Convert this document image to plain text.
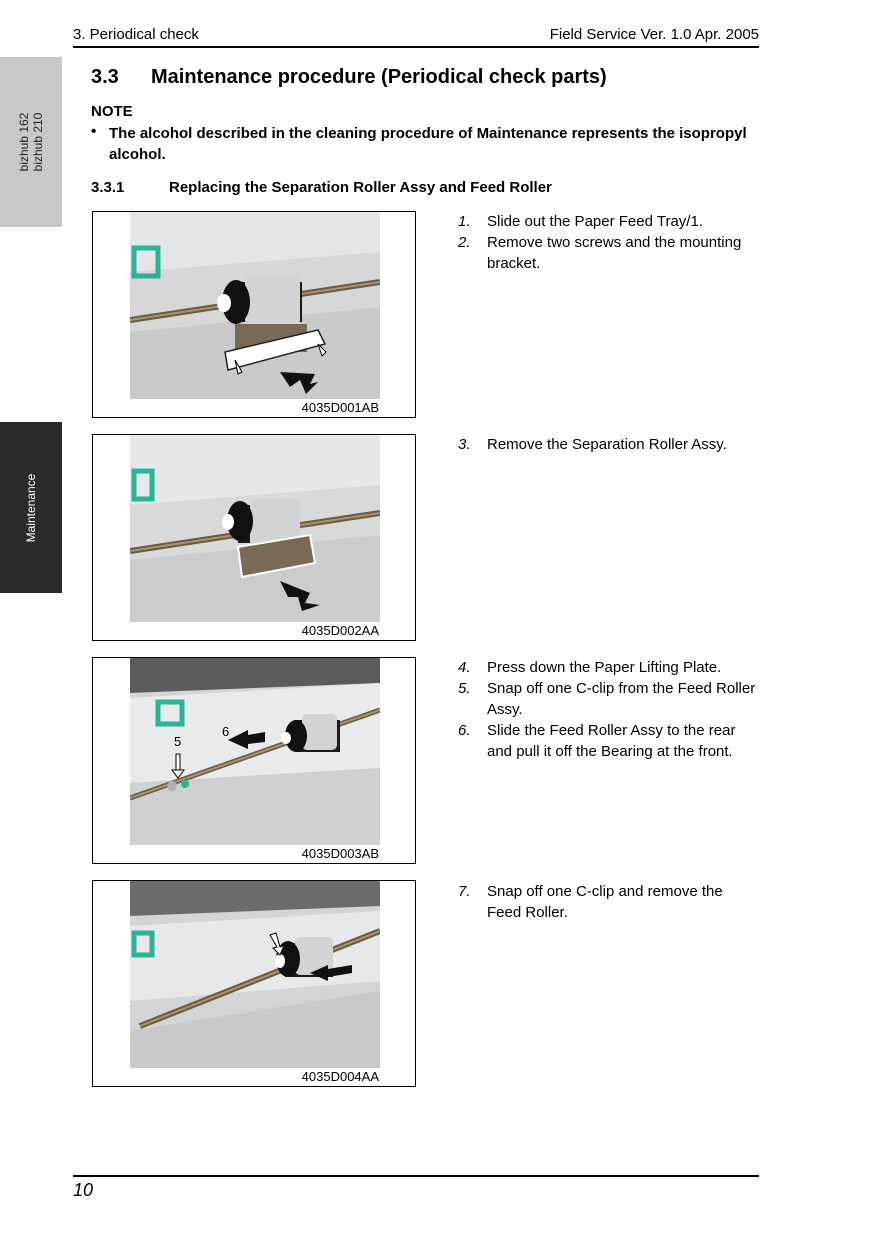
3. Periodical check	Field Service Ver. 1.0 Apr. 2005
bizhub 162 bizhub 210
Maintenance
3.3 Maintenance procedure (Periodical check parts)
NOTE
• The alcohol described in the cleaning procedure of Maintenance represents the isopropyl alcohol.
3.3.1	Replacing the Separation Roller Assy and Feed Roller
4035D001AB
4035D002AA
5
6
4035D003AB
4035D004AA
1. Slide out the Paper Feed Tray/1.
2. Remove two screws and the mounting bracket.
3. Remove the Separation Roller Assy.
4. Press down the Paper Lifting Plate.
5. Snap off one C-clip from the Feed Roller Assy.
6. Slide the Feed Roller Assy to the rear and pull it off the Bearing at the front.
7. Snap off one C-clip and remove the Feed Roller.
10
